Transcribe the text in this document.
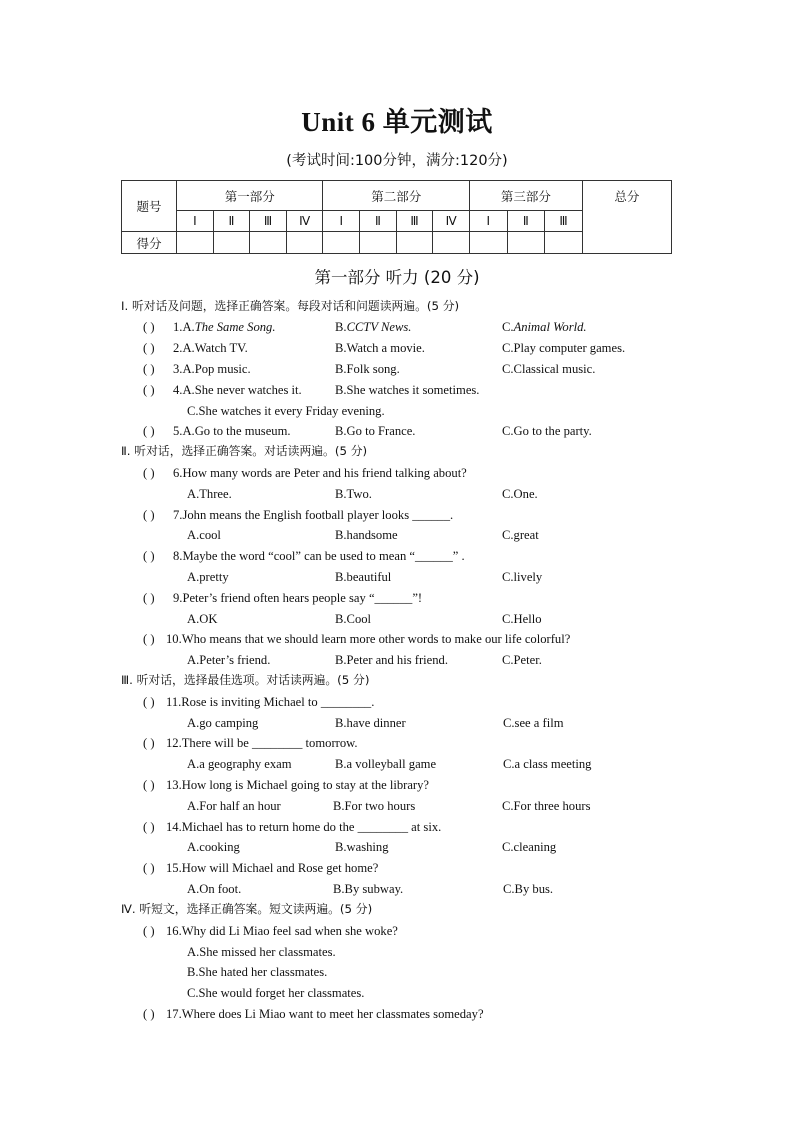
Unit 6 单元测试
(考试时间:100分钟，满分:120分)
题号	第一部分				第二部分				第三部分			总分
	Ⅰ	Ⅱ	Ⅲ	Ⅳ	Ⅰ	Ⅱ	Ⅲ	Ⅳ	Ⅰ	Ⅱ	Ⅲ	
得分												
第一部分 听力 (20 分)
Ⅰ. 听对话及问题，选择正确答案。每段对话和问题读两遍。(5 分)
( ) 1.A.The Same Song.	B.CCTV News.	C.Animal World.
( ) 2.A.Watch TV.	B.Watch a movie.	C.Play computer games.
( ) 3.A.Pop music.	B.Folk song.	C.Classical music.
( ) 4.A.She never watches it.	B.She watches it sometimes.
C.She watches it every Friday evening.
( ) 5.A.Go to the museum.	B.Go to France.	C.Go to the party.
Ⅱ. 听对话，选择正确答案。对话读两遍。(5 分)
( ) 6.How many words are Peter and his friend talking about?
A.Three.	B.Two.	C.One.
( ) 7.John means the English football player looks ______.
A.cool	B.handsome	C.great
( ) 8.Maybe the word “cool” can be used to mean “______” .
A.pretty	B.beautiful	C.lively
( ) 9.Peter’s friend often hears people say “______”!
A.OK	B.Cool	C.Hello
( ) 10.Who means that we should learn more other words to make our life colorful?
A.Peter’s friend.	B.Peter and his friend.	C.Peter.
Ⅲ. 听对话，选择最佳选项。对话读两遍。(5 分)
( ) 11.Rose is inviting Michael to ________.
A.go camping	B.have dinner	C.see a film
( ) 12.There will be ________ tomorrow.
A.a geography exam	B.a volleyball game	C.a class meeting
( ) 13.How long is Michael going to stay at the library?
A.For half an hour	B.For two hours	C.For three hours
( ) 14.Michael has to return home do the ________ at six.
A.cooking	B.washing	C.cleaning
( ) 15.How will Michael and Rose get home?
A.On foot.	B.By subway.	C.By bus.
Ⅳ. 听短文，选择正确答案。短文读两遍。(5 分)
( ) 16.Why did Li Miao feel sad when she woke?
A.She missed her classmates.
B.She hated her classmates.
C.She would forget her classmates.
( ) 17.Where does Li Miao want to meet her classmates someday?
